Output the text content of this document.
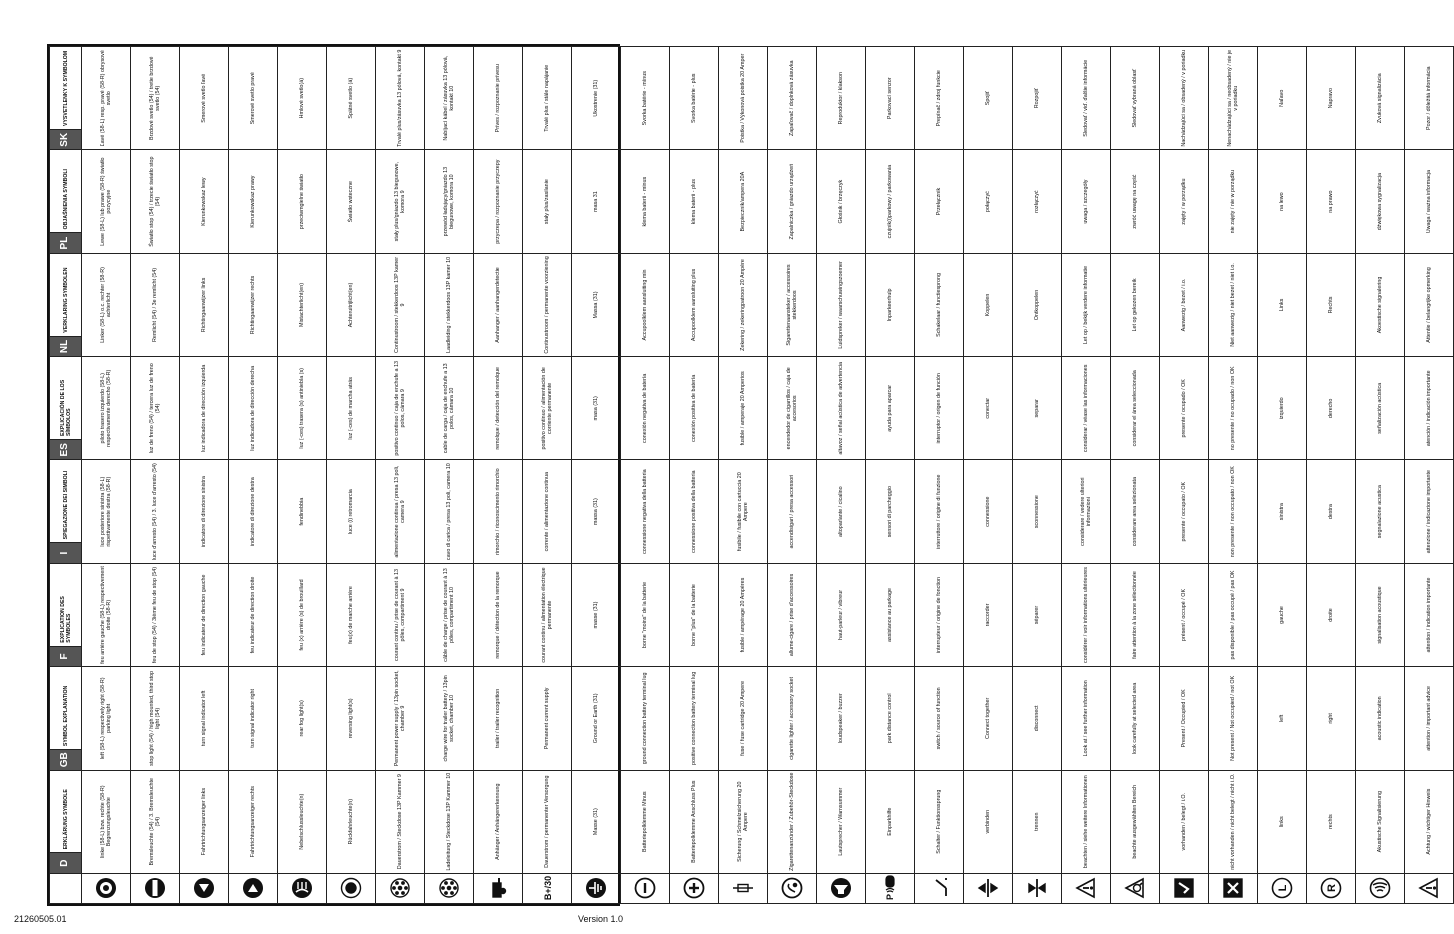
	D	ERKLÄRUNG SYMBOLE	GB	SYMBOL EXPLANATION	F	EXPLICATION DES SYMBOLES	I	SPIEGAZIONE DEI SIMBOLI	ES	EXPLICACIÓN DE LOS SÍMBOLOS	NL	VERKLARING SYMBOLEN	PL	OBJAŚNIENIA SYMBOLI	SK	VYSVETLENKY K SYMBOLOM

	linke (58-L) bzw. rechte (58-R) Begrenzungsleuchte		left (58-L) respectively right (58-R) parking light		feu arrière gauche (58-L) respectivement droite (58-R)		luce posteriore sinistra (58-L) rispettivamente destra (58-R)		piloto trasero izquierdo (58-L) respectivamente derecho (58-R)		Linker (58-L) o.c. rechter (58-R) achterlicht		Lewe (58-L) lub prawe (58-R) światło pozycyjne		Ľavé (58-L) resp. pravé (58-R) obrysové svetlo	

	Bremsleuchte (54) / 3. Bremsleuchte (54)		stop light (54) / high mounted, third stop light (54)		feu de stop (54) / 3ième feu de stop (54)		luce d'arresto (54) / 3. luce d'arresto (54)		luz de freno (54) / tercera luz de freno (54)		Remlicht (54) / 3e remlicht (54)		Światło stop (54) / trzecie światło stop (54)		Brzdové svetlo (54) / tretie brzdové svetlo (54)	

	Fahrtrichtungsanzeiger links		turn signal indicator left		feu indicateur de direction gauche		indicatore di direzione sinistra		luz indicadora de dirección izquierda		Richtingaanwijzer links		Kierunkowskaz lewy		Smerové svetlo ľavé	

	Fahrtrichtungsanzeiger rechts		turn signal indicator right		feu indicateur de direction droite		indicatore di direzione destra		luz indicadora de dirección derecha		Richtingaanwijzer rechts		Kierunkowskaz prawy		Smerové svetlo pravé	

	Nebelschlussleuchte(n)		rear fog light(s)		feu (x) arrière (s) de brouillard		fendinebbia		luz (-ces) trasera (s) antiniebla (s)		Mistachterlicht(en)		przeciwmgielne światło		Hmlové svetlo(á)	

	Rückfahrleuchte(n)		reversing light(s)		feu(x) de marche arrière		luce (i) retromarcia		luz (-ces) de marcha atrás		Achteruitrijlicht(en)		Światło wsteczne		Spätné svetlo (á)	

	Dauerstrom / Steckdose 13P Kammer 9		Permanent power supply / 13pin socket, chamber 9		courant continu / prise de courant à 13 pôles, compartiment 9		alimentazione continua / presa 13 poli, camera 9		positivo continuo / caja de enchufe a 13 polos, cámara 9		Continustroom / stekkerdoos 13P kamer 9		stały plus/gniazdo 13 biegunowe, komora 9		Trvalé plus/zásuvka 13 pólová, kontakt 9	

	Ladeleitung / Steckdose 13P Kammer 10		charge wire for trailer battery / 13pin socket, chamber 10		câble de charge / prise de courant à 13 pôles, compartiment 10		cavo di carica / presa 13 poli, camera 10		cable de carga / caja de enchufe a 13 polos, cámara 10		Laadleiding / stekkerdoos 13P kamer 10		przewód ładujący/gniazdo 13 biegunowe, komora 10		Nabíjací kábel / zásuvka 13 pólová, kontakt 10	

	Anhänger / Anhängererkennung		trailer / trailer recognition		remorque / détection de la remorque		rimorchio / riconoscimento rimorchio		remolque / detección del remolque		Aanhanger / aanhangerdetectie		przyczepa / rozpoznanie przyczepy		Príves / rozpoznanie prívesu	

B+/30	Dauerstrom / permanenter Versorgung		Permanent current supply		courant continu / alimentation électrique permanente		corrente / alimentazione continua		positivo continuo / alimentación de corriente permanente		Continustroom / permanente voorziening		stały plus/zasilanie		Trvalé plus / stále napájanie	

	Masse (31)		Ground or Earth (31)		masse (31)		massa (31)		masa (31)		Massa (31)		masa 31		Ukostrenie (31)	

	Batteriepolklemme Minus		ground connection battery terminal lug		borne "moins" de la batterie		connessione negativa della batteria		conexión negativa de batería		Accupoolklem aansluiting min		klema baterii - minus		Svorka batérie - mínus	

	Batteriepolklemme Anschluss Plus		positive connection battery terminal lug		borne "plus" de la batterie		connessione positiva della batteria		conexión positiva de batería		Accupoolklem aansluiting plus		klema baterii - plus		Svorka batérie - plus	

	Sicherung / Schmelzsicherung 20 Ampere		fuse / fuse cartridge 20 Ampere		fusible / ampérage 20 Ampères		fusibile / fusibile con cartuccia 20 Ampere		fusible / amperaje 20 Amperios		Zekering / zekeringpatroon 20 Ampère		Bezpiecznik/ampera 20A		Poistka / Výkonová poistka 20 Amper	

	Zigarettenanzünder / Zubehör-Steckdose		cigarette lighter / accessory socket		allume-cigare / prise d'accessoires		accendisigari / presa accessori		encendedor de cigarrillos / caja de accesorios		Sigarettenaansteker / accessoires stekkerdoos		Zapalniczka / gniazdo urządzeń		Zapaľovač / doplnková zásuvka	

	Lautsprecher / Warnsummer		loudspeaker / buzzer		haut-parleur / vibreur		altoparlante / cicalino		altavoz / señal acústica de advertencia		Luidspreker / waarschuwingszoemer		Głośnik / brzęczyk		Reproduktor / klakson	

P	Einparkhilfe		park distance control		assistance au parkage		sensori di parcheggio		ayuda para aparcar		Inparkeerhulp		czujnik(i)parkowy / parkowania		Parkovací senzor	

	Schalter / Funktionssprung		switch / source of function		interrupteur / origine de fonction		interruttore / origine di funzione		interruptor / origen de función		Schakelaar / functiesprong		Przełącznik		Prepínač / zdroj funkcie	

	verbinden		Connect together		raccorder		connessione		conectar		Koppelen		połączyć		Spojiť	

	trennen		disconnect		séparer		sconnessione		separar		Ontkoppelen		rozłączyć		Rozpojiť	

	beachten / siehe weitere Informationen		Look at / see further information		considérer / voir informations ultérieures		considerare / vedere ulteriori informazioni		considerar / véase las informaciones		Let op / bekijk verdere informatie		uwaga / szczegóły		Sledovať / viď. ďalšie informácie	

	beachte ausgewählten Bereich		look carefully at selected area		faire attention à la zone sélectionnée		considerare area selezionata		considerar el área seleccionada		Let op gekozen bereik		zwróć uwagę na część		Sledovať vybraná oblasť	

	vorhanden / belegt / i.O.		Present / Occupied / OK		présent / occupé / OK		presente / occupato / OK		presente / ocupado / OK		Aanwezig / bezet / i.o.		zajęty / w porządku		Nachádzajúci sa / obsadený / v poriadku	

	nicht vorhanden / nicht belegt / nicht i.O.		Not present / Not occupied / not OK		pas disponible / pas occupé / pas OK		non presente / non occupato / non OK		no presente / no ocupado / non OK		Niet aanwezig / niet bezet / niet i.o.		nie zajęty / nie w porządku		Nenachádzajúci sa / neobsadený / nie je v poriadku	

L	links		left		gauche		sinistra		izquierdo		Links		na lewo		Naľavo	

R	rechts		right		droite		destra		derecho		Rechts		na prawo		Napravo	

	Akustische Signalisierung		acoustic indication		signalisation acoustique		segnalazione acustica		señalización acústica		Akoestische signalering		dźwiękowa sygnalizacja		Zvuková signalizácia	

	Achtung / wichtiger Hinweis		attention / important advice		attention / indication importante		attenzione / indicazione importante		atención / indicación importante		Attentie / belangrijke opmerking		Uwaga / ważna informacja		Pozor / dôležitá informácia	
21260505.01	Version 1.0
